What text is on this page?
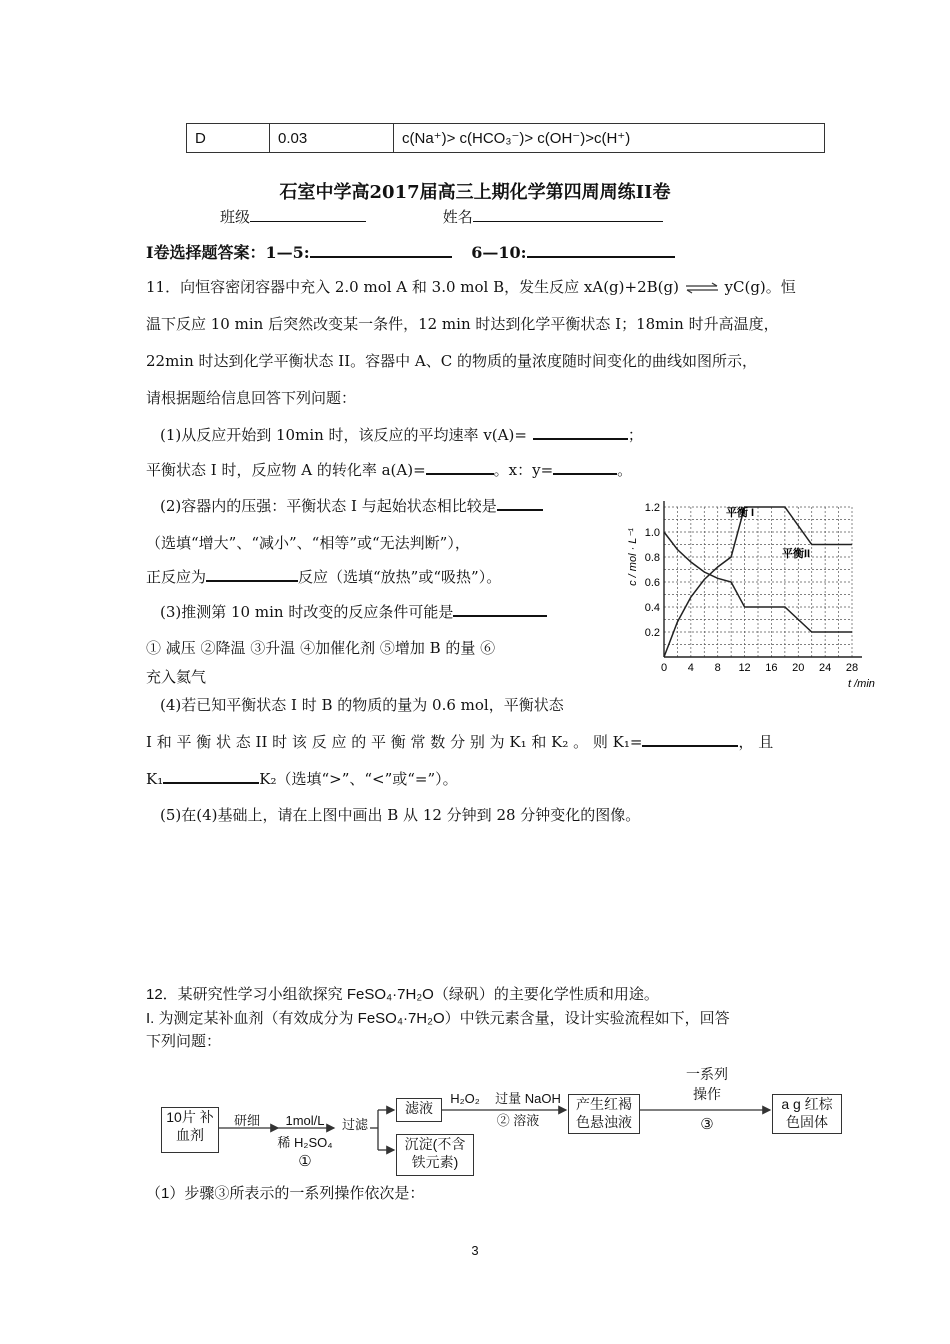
D	0.03	c(Na⁺)> c(HCO₃⁻)> c(OH⁻)>c(H⁺)
石室中学高2017届高三上期化学第四周周练II卷
班级	姓名
I卷选择题答案：1—5:	6—10:
11．向恒容密闭容器中充入 2.0 mol A 和 3.0 mol B，发生反应 xA(g)+2B(g) ⇌ yC(g)。恒
温下反应 10 min 后突然改变某一条件，12 min 时达到化学平衡状态 I；18min 时升高温度，
22min 时达到化学平衡状态 II。容器中 A、C 的物质的量浓度随时间变化的曲线如图所示，
请根据题给信息回答下列问题：
(1)从反应开始到 10min 时，该反应的平均速率 v(A)=	；
平衡状态 I 时，反应物 A 的转化率 a(A)=	。x：y=	。
(2)容器内的压强：平衡状态 I 与起始状态相比较是
（选填“增大”、“减小”、“相等”或“无法判断”），
正反应为	反应（选填“放热”或“吸热”）。
(3)推测第 10 min 时改变的反应条件可能是
① 减压 ②降温 ③升温 ④加催化剂 ⑤增加 B 的量 ⑥
充入氦气
(4)若已知平衡状态 I 时 B 的物质的量为 0.6 mol，平衡状态
I 和 平 衡 状 态 II 时 该 反 应 的 平 衡 常 数 分 别 为 K₁ 和 K₂ 。 则 K₁=	， 且
K₁	K₂（选填“>”、“<”或“=”）。
(5)在(4)基础上，请在上图中画出 B 从 12 分钟到 28 分钟变化的图像。
0 4 8 12 16 20 24 28
0.2
0.4
0.6
0.8
1.0
1.2
c / mol · L⁻¹
t /min
平衡 I
平衡II
12．某研究性学习小组欲探究 FeSO₄·7H₂O（绿矾）的主要化学性质和用途。
I. 为测定某补血剂（有效成分为 FeSO₄·7H₂O）中铁元素含量，设计实验流程如下，回答
下列问题：
10片 补血剂
研细	1mol/L
稀 H₂SO₄
①
过滤
滤液
沉淀(不含 铁元素)
H₂O₂	过量 NaOH
② 溶液
产生红褐 色悬浊液
一系列
操作
③
a g 红棕 色固体
（1）步骤③所表示的一系列操作依次是：
3
